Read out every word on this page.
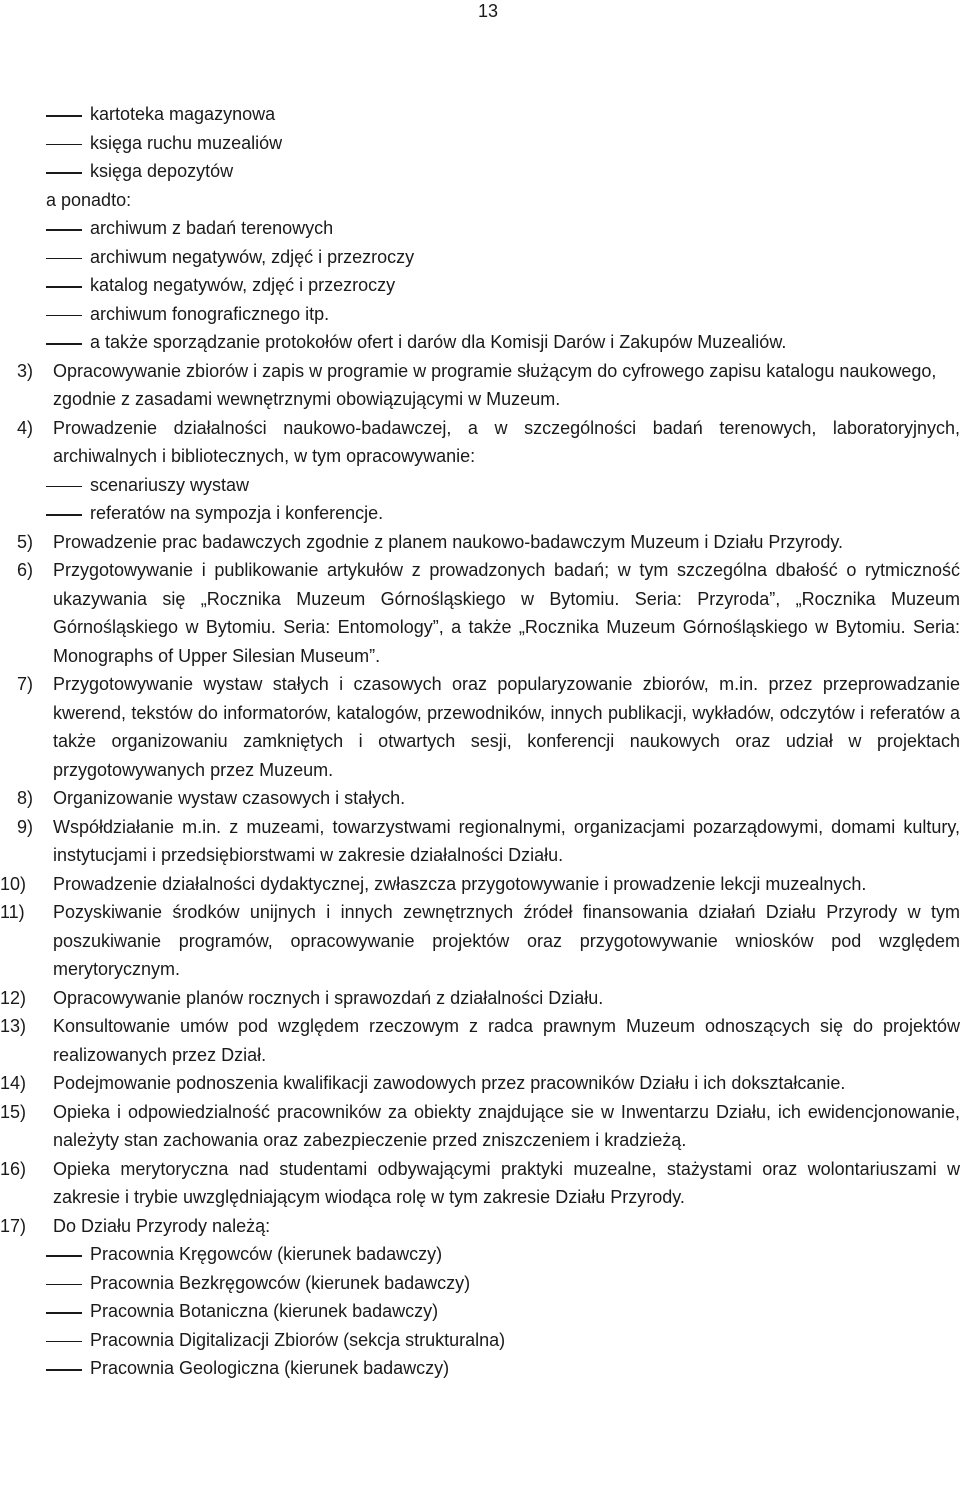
13
kartoteka magazynowa
księga ruchu muzealiów
księga depozytów
a ponadto:
archiwum z badań terenowych
archiwum negatywów, zdjęć i przezroczy
katalog negatywów, zdjęć i przezroczy
archiwum fonograficznego itp.
a także sporządzanie protokołów ofert i darów dla Komisji Darów i Zakupów Muzealiów.
3)	Opracowywanie zbiorów i zapis w programie w programie służącym do cyfrowego zapisu katalogu naukowego, zgodnie z zasadami wewnętrznymi obowiązującymi w Muzeum.
4)	Prowadzenie działalności naukowo-badawczej, a w szczególności badań terenowych, laboratoryjnych, archiwalnych i bibliotecznych, w tym opracowywanie:
scenariuszy wystaw
referatów na sympozja i konferencje.
5)	Prowadzenie prac badawczych zgodnie z planem naukowo-badawczym Muzeum i Działu Przyrody.
6)	Przygotowywanie i publikowanie artykułów z prowadzonych badań; w tym szczególna dbałość o rytmiczność ukazywania się „Rocznika Muzeum Górnośląskiego w Bytomiu. Seria: Przyroda”, „Rocznika Muzeum Górnośląskiego w Bytomiu. Seria: Entomology”, a także „Rocznika Muzeum Górnośląskiego w Bytomiu. Seria: Monographs of Upper Silesian Museum”.
7)	Przygotowywanie wystaw stałych i czasowych oraz popularyzowanie zbiorów, m.in. przez przeprowadzanie kwerend, tekstów do informatorów, katalogów, przewodników, innych publikacji, wykładów, odczytów i referatów a także organizowaniu zamkniętych i otwartych sesji, konferencji naukowych oraz udział w projektach przygotowywanych przez Muzeum.
8)	Organizowanie wystaw czasowych i stałych.
9)	Współdziałanie m.in. z muzeami, towarzystwami regionalnymi, organizacjami pozarządowymi, domami kultury, instytucjami i przedsiębiorstwami w zakresie działalności Działu.
10)	Prowadzenie działalności dydaktycznej, zwłaszcza przygotowywanie i prowadzenie lekcji muzealnych.
11)	Pozyskiwanie środków unijnych i innych zewnętrznych źródeł finansowania działań Działu Przyrody w tym poszukiwanie programów, opracowywanie projektów oraz przygotowywanie wniosków pod względem merytorycznym.
12)	Opracowywanie planów rocznych i sprawozdań z działalności Działu.
13)	Konsultowanie umów pod względem rzeczowym z radca prawnym Muzeum odnoszących się do projektów realizowanych przez Dział.
14)	Podejmowanie podnoszenia kwalifikacji zawodowych przez pracowników Działu i ich dokształcanie.
15)	Opieka i odpowiedzialność pracowników za obiekty znajdujące sie w Inwentarzu Działu, ich ewidencjonowanie, należyty stan zachowania oraz zabezpieczenie przed zniszczeniem i kradzieżą.
16)	Opieka merytoryczna nad studentami odbywającymi praktyki muzealne, stażystami oraz wolontariuszami w zakresie i trybie uwzględniającym wiodąca rolę w tym zakresie Działu Przyrody.
17)	Do Działu Przyrody należą:
Pracownia Kręgowców (kierunek badawczy)
Pracownia Bezkręgowców (kierunek badawczy)
Pracownia Botaniczna (kierunek badawczy)
Pracownia Digitalizacji Zbiorów (sekcja strukturalna)
Pracownia Geologiczna (kierunek badawczy)
